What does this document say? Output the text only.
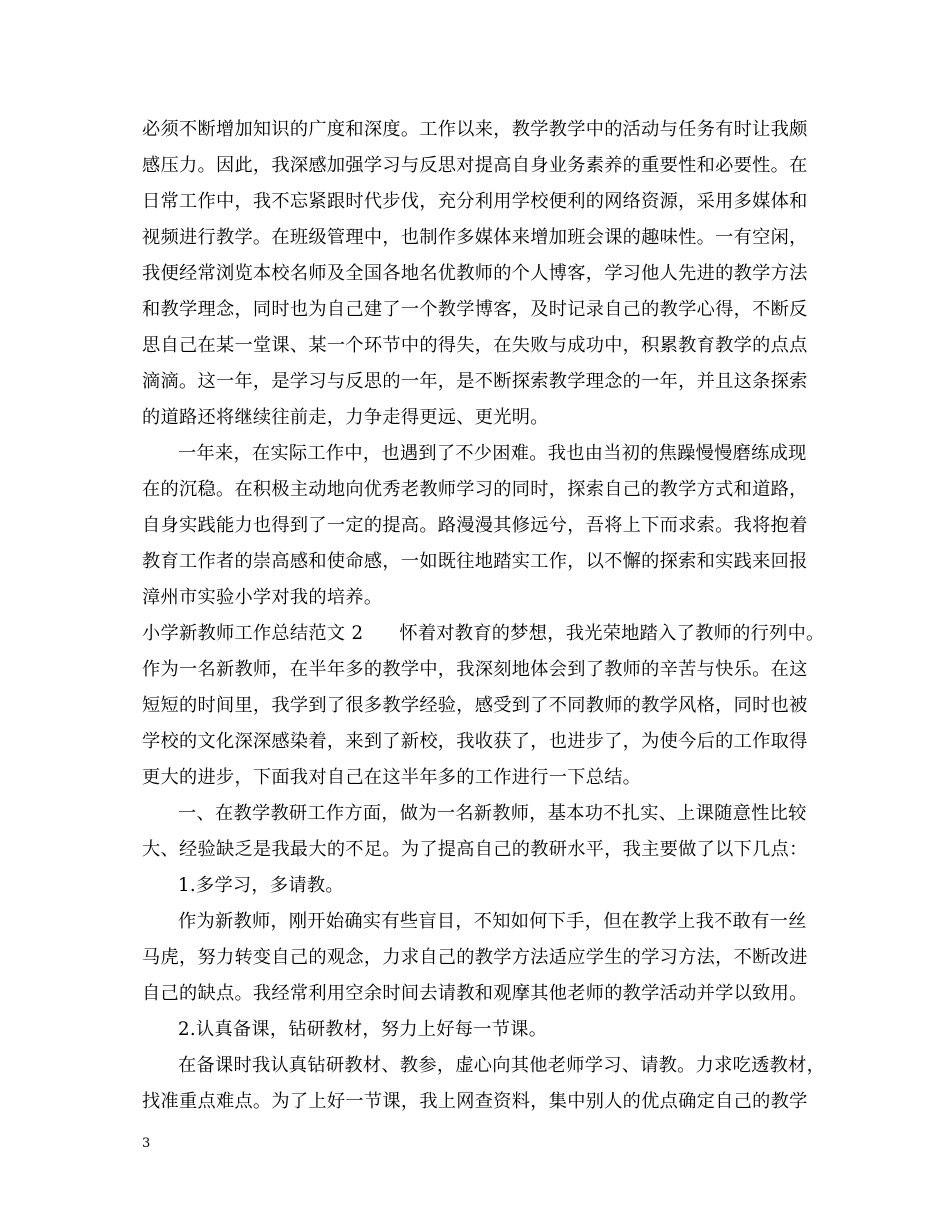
必须不断增加知识的广度和深度。工作以来，教学教学中的活动与任务有时让我颇
感压力。因此，我深感加强学习与反思对提高自身业务素养的重要性和必要性。在
日常工作中，我不忘紧跟时代步伐，充分利用学校便利的网络资源，采用多媒体和
视频进行教学。在班级管理中，也制作多媒体来增加班会课的趣味性。一有空闲，
我便经常浏览本校名师及全国各地名优教师的个人博客，学习他人先进的教学方法
和教学理念，同时也为自己建了一个教学博客，及时记录自己的教学心得，不断反
思自己在某一堂课、某一个环节中的得失，在失败与成功中，积累教育教学的点点
滴滴。这一年，是学习与反思的一年，是不断探索教学理念的一年，并且这条探索
的道路还将继续往前走，力争走得更远、更光明。
一年来，在实际工作中，也遇到了不少困难。我也由当初的焦躁慢慢磨练成现
在的沉稳。在积极主动地向优秀老教师学习的同时，探索自己的教学方式和道路，
自身实践能力也得到了一定的提高。路漫漫其修远兮，吾将上下而求索。我将抱着
教育工作者的崇高感和使命感，一如既往地踏实工作，以不懈的探索和实践来回报
漳州市实验小学对我的培养。
小学新教师工作总结范文 2 怀着对教育的梦想，我光荣地踏入了教师的行列中。
作为一名新教师，在半年多的教学中，我深刻地体会到了教师的辛苦与快乐。在这
短短的时间里，我学到了很多教学经验，感受到了不同教师的教学风格，同时也被
学校的文化深深感染着，来到了新校，我收获了，也进步了，为使今后的工作取得
更大的进步，下面我对自己在这半年多的工作进行一下总结。
一、在教学教研工作方面，做为一名新教师，基本功不扎实、上课随意性比较
大、经验缺乏是我最大的不足。为了提高自己的教研水平，我主要做了以下几点：
1.多学习，多请教。
作为新教师，刚开始确实有些盲目，不知如何下手，但在教学上我不敢有一丝
马虎，努力转变自己的观念，力求自己的教学方法适应学生的学习方法，不断改进
自己的缺点。我经常利用空余时间去请教和观摩其他老师的教学活动并学以致用。
2.认真备课，钻研教材，努力上好每一节课。
在备课时我认真钻研教材、教参，虚心向其他老师学习、请教。力求吃透教材，
找准重点难点。为了上好一节课，我上网查资料，集中别人的优点确定自己的教学
3
